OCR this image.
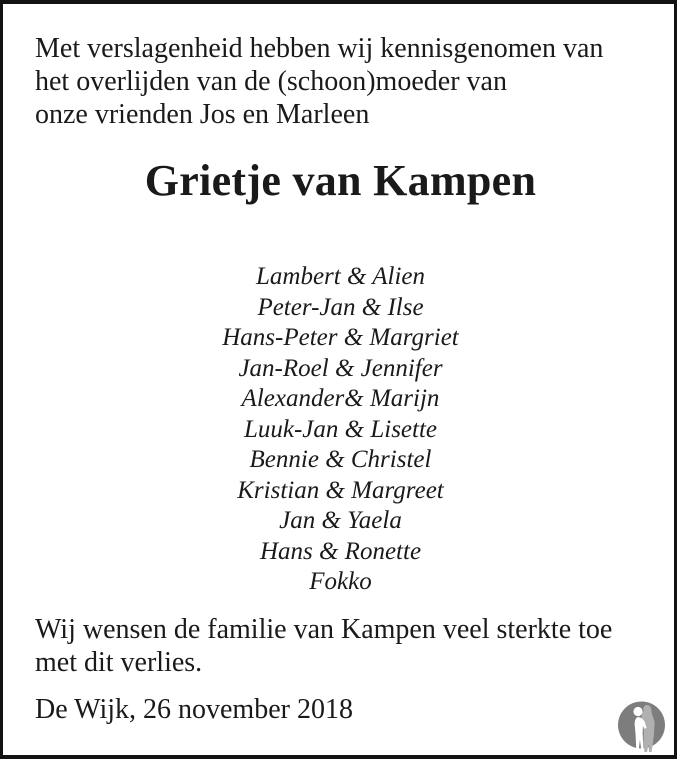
Met verslagenheid hebben wij kennisgenomen van
het overlijden van de (schoon)moeder van
onze vrienden Jos en Marleen

Grietje van Kampen
Lambert & Alien
Peter-Jan & Ilse
Hans-Peter & Margriet
Jan-Roel & Jennifer
Alexander& Marijn
Luuk-Jan & Lisette
Bennie & Christel
Kristian & Margreet
Jan & Yaela
Hans & Ronette
Fokko

Wij wensen de familie van Kampen veel sterkte toe
met dit verlies.

De Wijk, 26 november 2018
